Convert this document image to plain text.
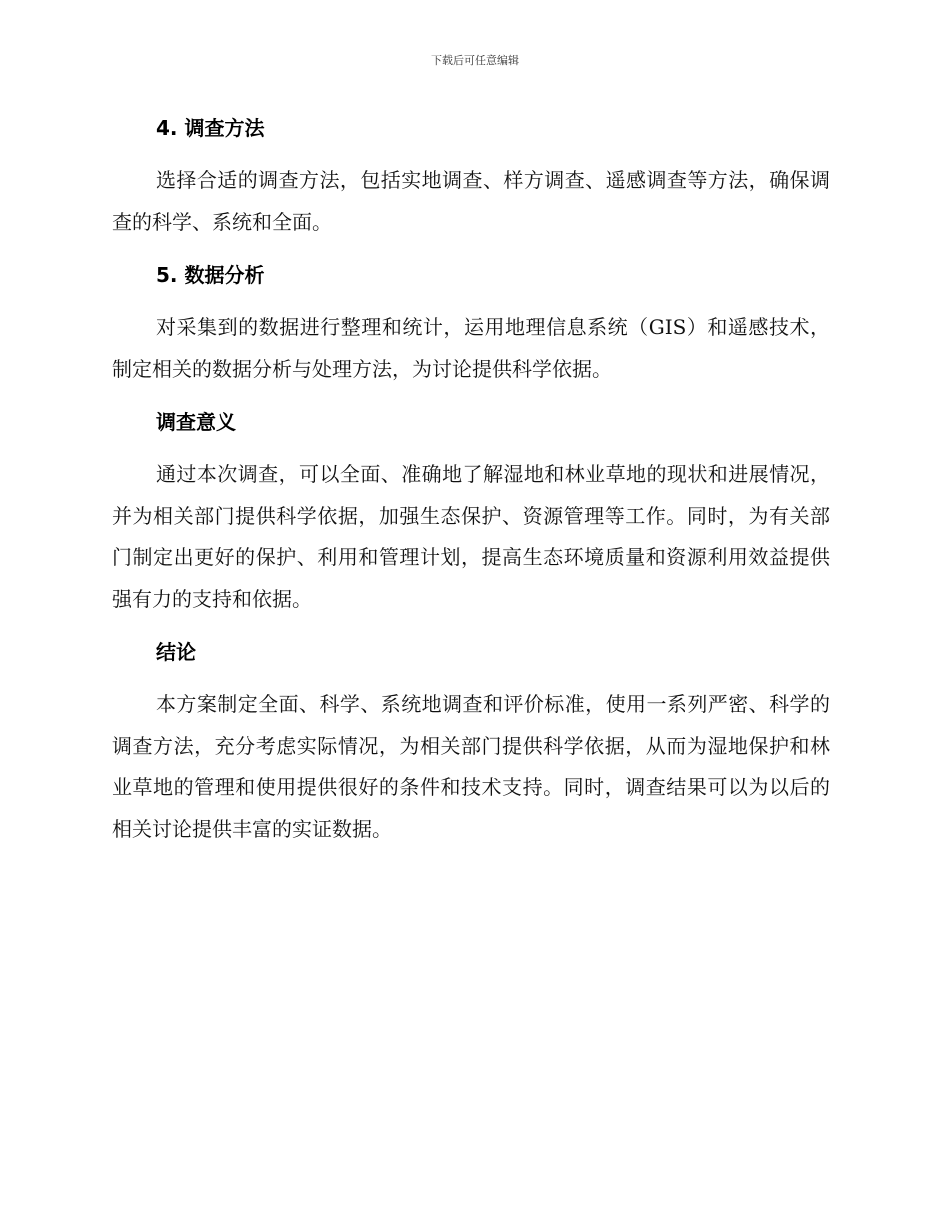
下载后可任意编辑
4. 调查方法

选择合适的调查方法，包括实地调查、样方调查、遥感调查等方法，确保调查的科学、系统和全面。

5. 数据分析

对采集到的数据进行整理和统计，运用地理信息系统（GIS）和遥感技术，制定相关的数据分析与处理方法，为讨论提供科学依据。

调查意义

通过本次调查，可以全面、准确地了解湿地和林业草地的现状和进展情况，并为相关部门提供科学依据，加强生态保护、资源管理等工作。同时，为有关部门制定出更好的保护、利用和管理计划，提高生态环境质量和资源利用效益提供强有力的支持和依据。

结论

本方案制定全面、科学、系统地调查和评价标准，使用一系列严密、科学的调查方法，充分考虑实际情况，为相关部门提供科学依据，从而为湿地保护和林业草地的管理和使用提供很好的条件和技术支持。同时，调查结果可以为以后的相关讨论提供丰富的实证数据。
